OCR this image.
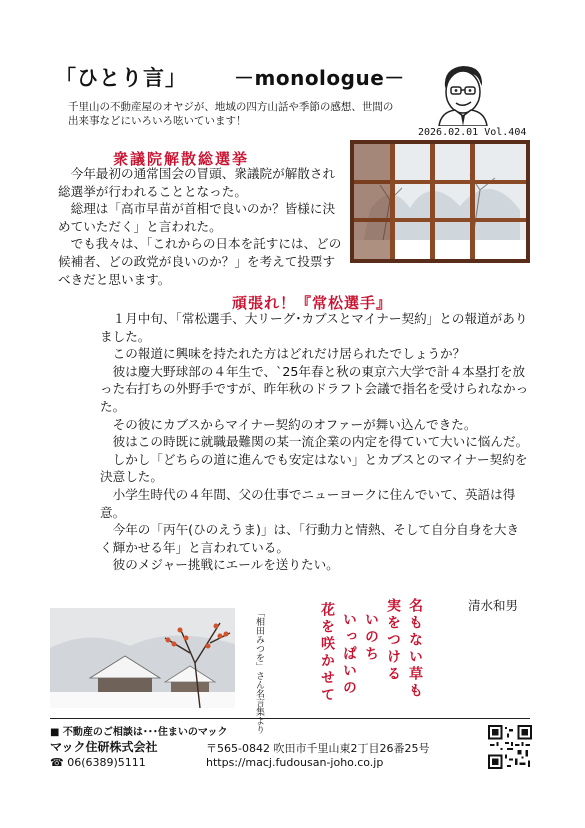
「ひとり言」 －monologue－
千里山の不動産屋のオヤジが、地域の四方山話や季節の感想、世間の出来事などにいろいろ呟いています！
2026.02.01 Vol.404
衆議院解散総選挙

今年最初の通常国会の冒頭、衆議院が解散され総選挙が行われることとなった。

総理は「高市早苗が首相で良いのか？皆様に決めていただく」と言われた。

でも我々は、「これからの日本を託すには、どの候補者、どの政党が良いのか？」を考えて投票すべきだと思います。

頑張れ！『常松選手』

１月中旬、「常松選手、大リーグ･カブスとマイナー契約」との報道がありました。

この報道に興味を持たれた方はどれだけ居られたでしょうか？

彼は慶大野球部の４年生で、`25年春と秋の東京六大学で計４本塁打を放った右打ちの外野手ですが、昨年秋のドラフト会議で指名を受けられなかった。

その彼にカブスからマイナー契約のオファーが舞い込んできた。

彼はこの時既に就職最難関の某一流企業の内定を得ていて大いに悩んだ。

しかし「どちらの道に進んでも安定はない」とカブスとのマイナー契約を決意した。

小学生時代の４年間、父の仕事でニューヨークに住んでいて、英語は得意。

今年の「丙午(ひのえうま)」は、「行動力と情熱、そして自分自身を大きく輝かせる年」と言われている。

彼のメジャー挑戦にエールを送りたい。

清水和男
「相田みつを」さん名言集より	名もない草も
実をつける
いのち
いっぱいの
花を咲かせて
■ 不動産のご相談は･･･住まいのマック
マック住研株式会社	〒565-0842 吹田市千里山東2丁目26番25号
☎ 06(6389)5111	https://macj.fudousan-joho.co.jp
